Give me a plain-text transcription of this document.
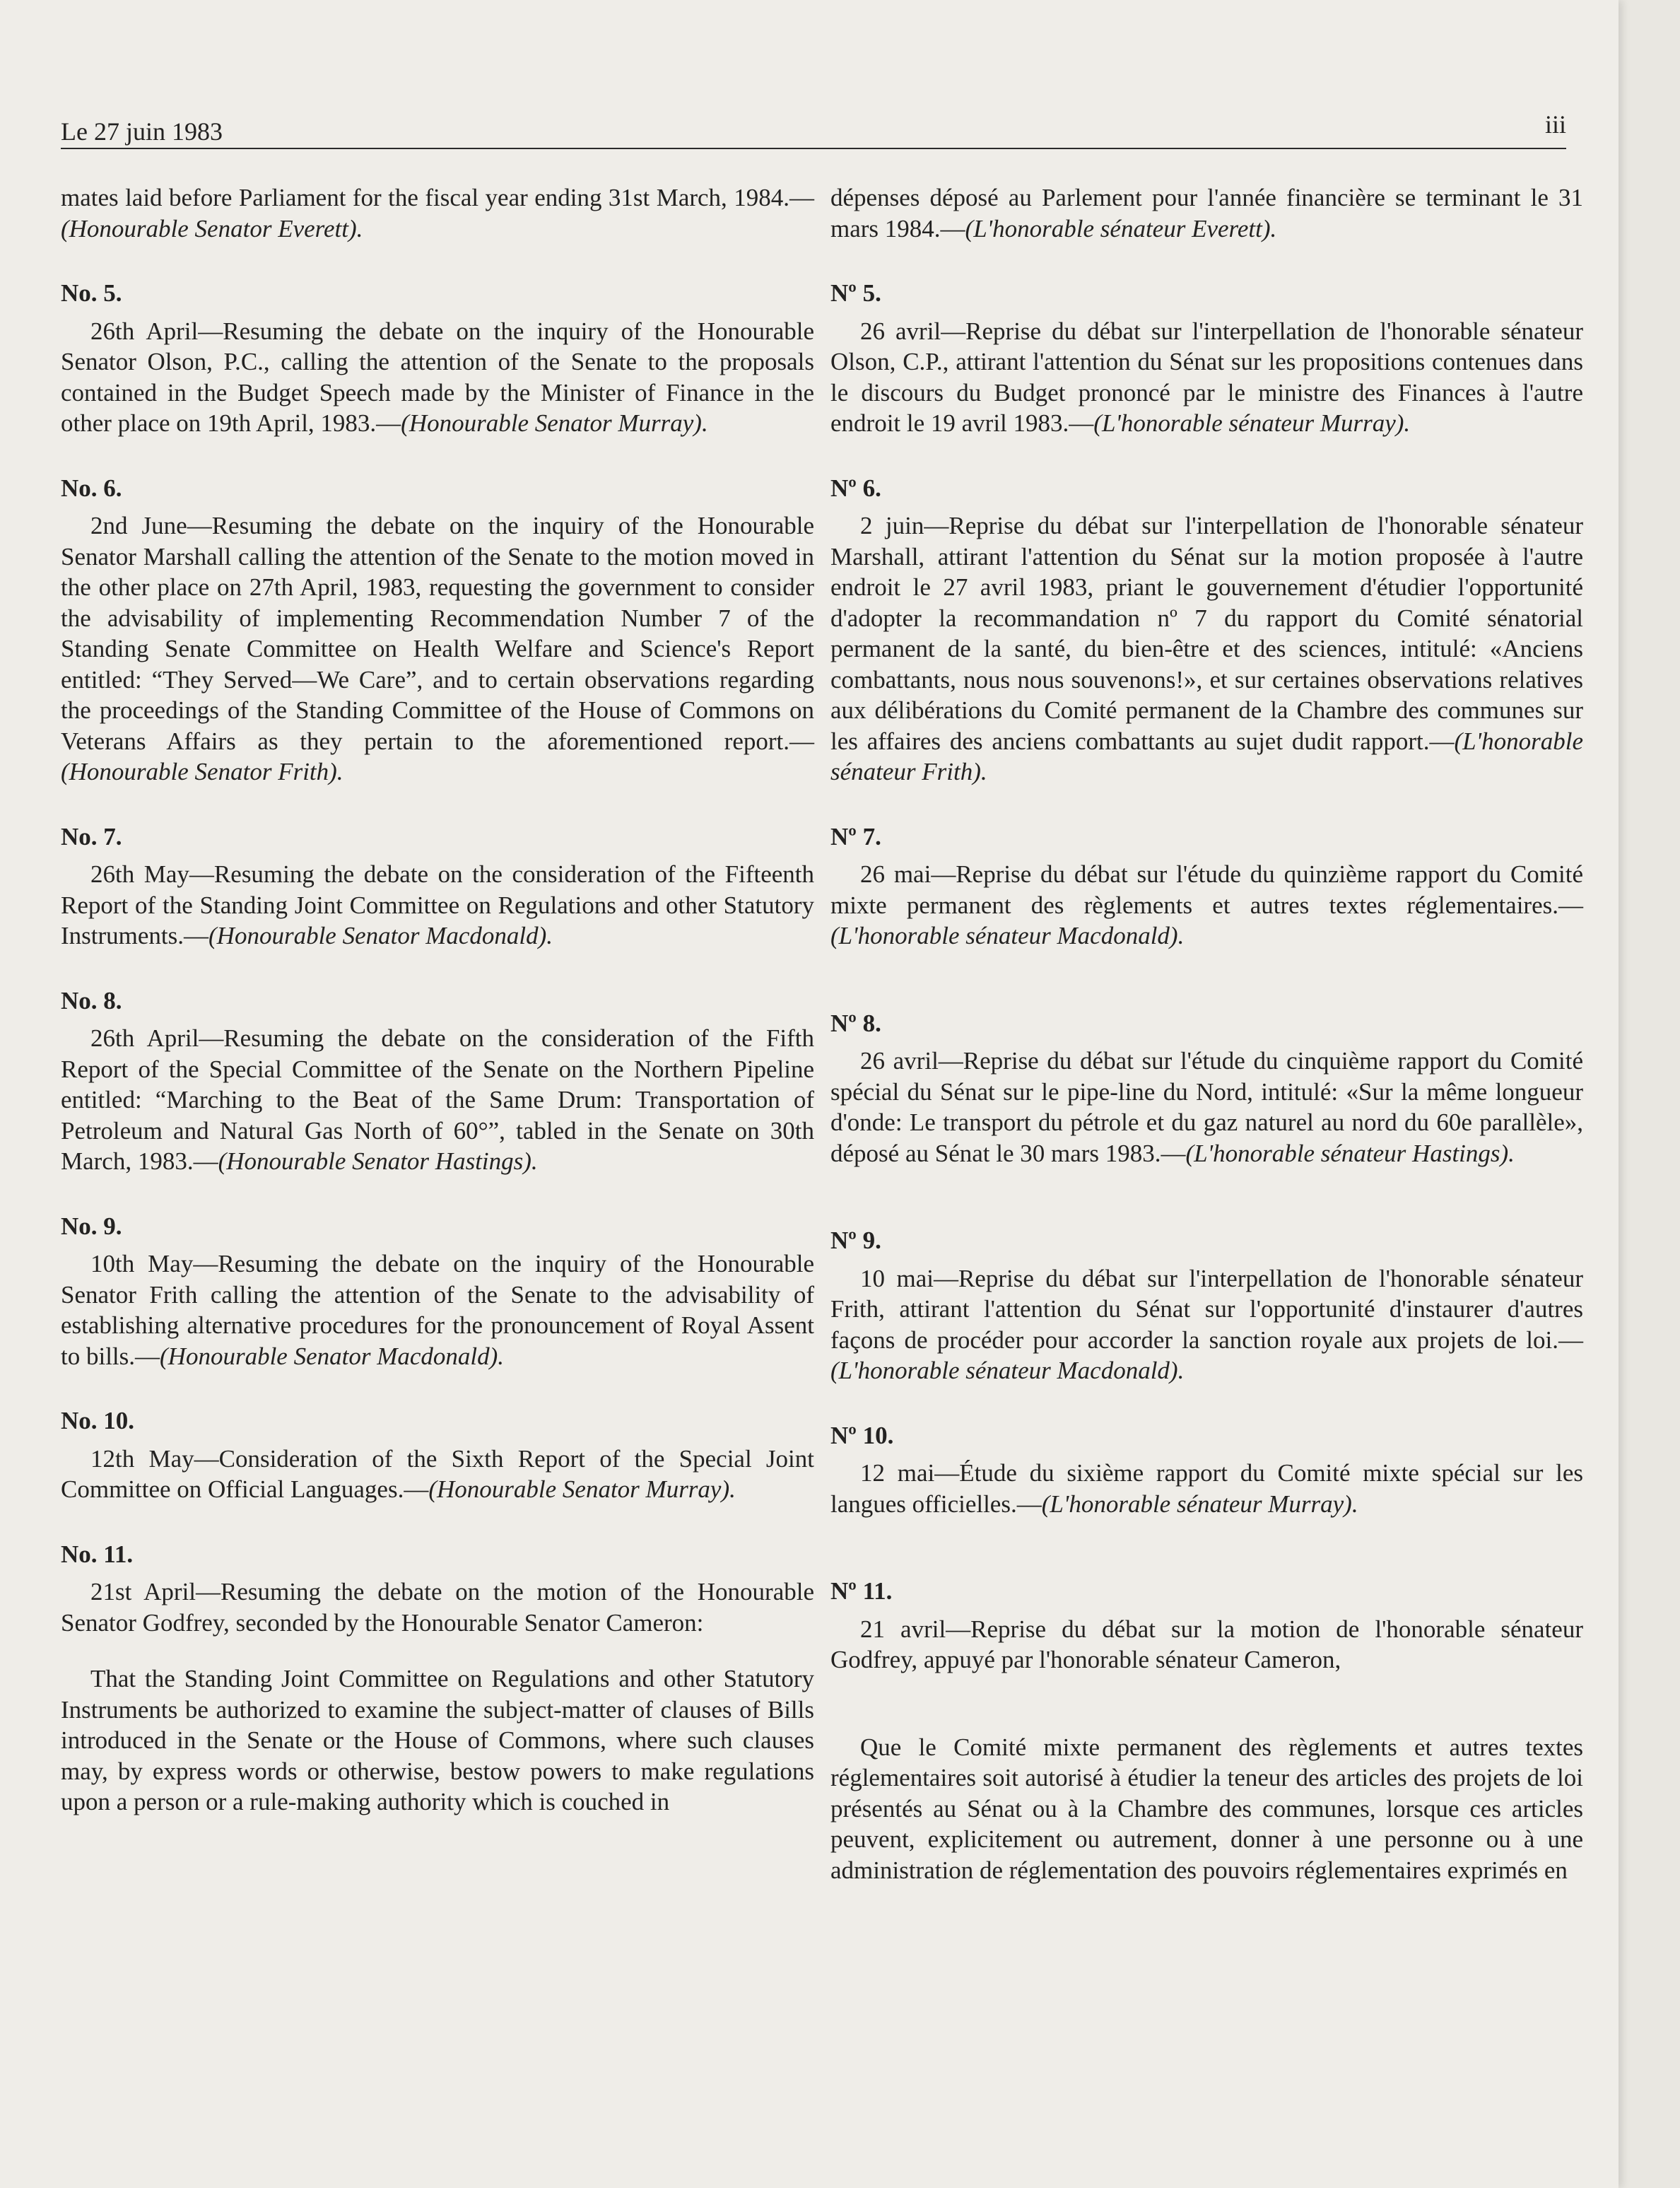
Le 27 juin 1983	iii

mates laid before Parliament for the fiscal year ending 31st March, 1984.—(Honourable Senator Everett).

No. 5.

26th April—Resuming the debate on the inquiry of the Honourable Senator Olson, P.C., calling the attention of the Senate to the proposals contained in the Budget Speech made by the Minister of Finance in the other place on 19th April, 1983.—(Honourable Senator Murray).

No. 6.

2nd June—Resuming the debate on the inquiry of the Honourable Senator Marshall calling the attention of the Senate to the motion moved in the other place on 27th April, 1983, requesting the government to consider the advisability of implementing Recommendation Number 7 of the Standing Senate Committee on Health Welfare and Science's Report entitled: “They Served—We Care”, and to certain observations regarding the proceedings of the Standing Committee of the House of Commons on Veterans Affairs as they pertain to the aforementioned report.—(Honourable Senator Frith).

No. 7.

26th May—Resuming the debate on the consideration of the Fifteenth Report of the Standing Joint Committee on Regulations and other Statutory Instruments.—(Honourable Senator Macdonald).

No. 8.

26th April—Resuming the debate on the consideration of the Fifth Report of the Special Committee of the Senate on the Northern Pipeline entitled: “Marching to the Beat of the Same Drum: Transportation of Petroleum and Natural Gas North of 60°”, tabled in the Senate on 30th March, 1983.—(Honourable Senator Hastings).

No. 9.

10th May—Resuming the debate on the inquiry of the Honourable Senator Frith calling the attention of the Senate to the advisability of establishing alternative procedures for the pronouncement of Royal Assent to bills.—(Honourable Senator Macdonald).

No. 10.

12th May—Consideration of the Sixth Report of the Special Joint Committee on Official Languages.—(Honourable Senator Murray).

No. 11.

21st April—Resuming the debate on the motion of the Honourable Senator Godfrey, seconded by the Honourable Senator Cameron:

That the Standing Joint Committee on Regulations and other Statutory Instruments be authorized to examine the subject-matter of clauses of Bills introduced in the Senate or the House of Commons, where such clauses may, by express words or otherwise, bestow powers to make regulations upon a person or a rule-making authority which is couched in

dépenses déposé au Parlement pour l'année financière se terminant le 31 mars 1984.—(L'honorable sénateur Everett).

Nº 5.

26 avril—Reprise du débat sur l'interpellation de l'honorable sénateur Olson, C.P., attirant l'attention du Sénat sur les propositions contenues dans le discours du Budget prononcé par le ministre des Finances à l'autre endroit le 19 avril 1983.—(L'honorable sénateur Murray).

Nº 6.

2 juin—Reprise du débat sur l'interpellation de l'honorable sénateur Marshall, attirant l'attention du Sénat sur la motion proposée à l'autre endroit le 27 avril 1983, priant le gouvernement d'étudier l'opportunité d'adopter la recommandation nº 7 du rapport du Comité sénatorial permanent de la santé, du bien-être et des sciences, intitulé: «Anciens combattants, nous nous souvenons!», et sur certaines observations relatives aux délibérations du Comité permanent de la Chambre des communes sur les affaires des anciens combattants au sujet dudit rapport.—(L'honorable sénateur Frith).

Nº 7.

26 mai—Reprise du débat sur l'étude du quinzième rapport du Comité mixte permanent des règlements et autres textes réglementaires.—(L'honorable sénateur Macdonald).

Nº 8.

26 avril—Reprise du débat sur l'étude du cinquième rapport du Comité spécial du Sénat sur le pipe-line du Nord, intitulé: «Sur la même longueur d'onde: Le transport du pétrole et du gaz naturel au nord du 60e parallèle», déposé au Sénat le 30 mars 1983.—(L'honorable sénateur Hastings).

Nº 9.

10 mai—Reprise du débat sur l'interpellation de l'honorable sénateur Frith, attirant l'attention du Sénat sur l'opportunité d'instaurer d'autres façons de procéder pour accorder la sanction royale aux projets de loi.—(L'honorable sénateur Macdonald).

Nº 10.

12 mai—Étude du sixième rapport du Comité mixte spécial sur les langues officielles.—(L'honorable sénateur Murray).

Nº 11.

21 avril—Reprise du débat sur la motion de l'honorable sénateur Godfrey, appuyé par l'honorable sénateur Cameron,

Que le Comité mixte permanent des règlements et autres textes réglementaires soit autorisé à étudier la teneur des articles des projets de loi présentés au Sénat ou à la Chambre des communes, lorsque ces articles peuvent, explicitement ou autrement, donner à une personne ou à une administration de réglementation des pouvoirs réglementaires exprimés en
